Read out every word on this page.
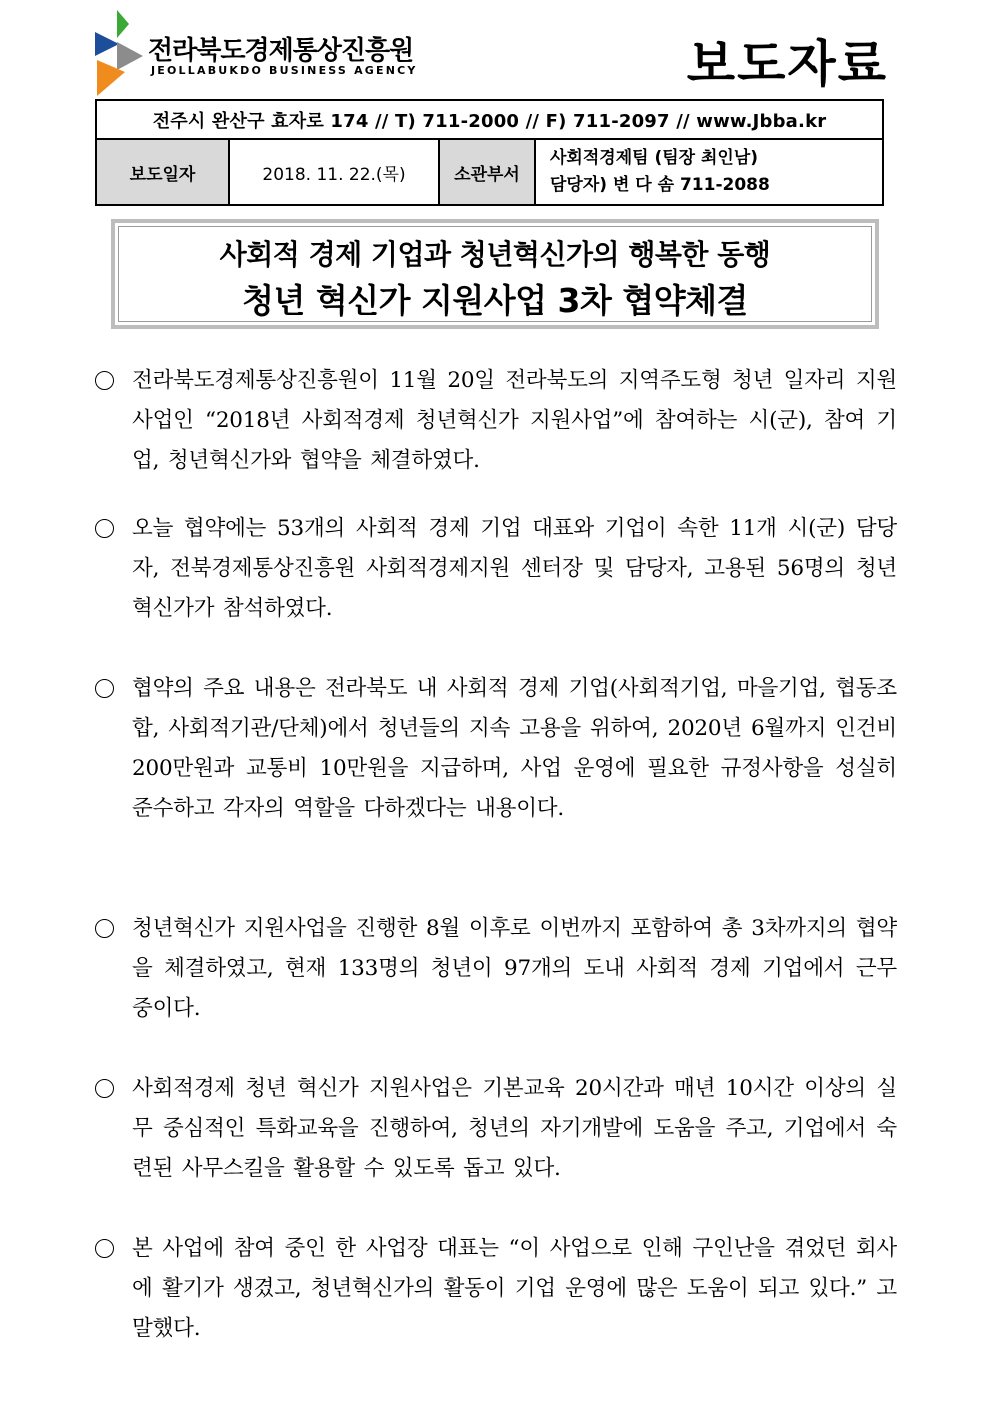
전라북도경제통상진흥원
JEOLLABUKDO BUSINESS AGENCY	보도자료
전주시 완산구 효자로 174 // T) 711-2000 // F) 711-2097 // www.Jbba.kr
보도일자	2018. 11. 22.(목)	소관부서	
사회적경제팀 (팀장 최인남)
담당자) 변 다 솜 711-2088
사회적 경제 기업과 청년혁신가의 행복한 동행
청년 혁신가 지원사업 3차 협약체결
전라북도경제통상진흥원이 11월 20일 전라북도의 지역주도형 청년 일자리 지원사업인 “2018년 사회적경제 청년혁신가 지원사업”에 참여하는 시(군), 참여 기업, 청년혁신가와 협약을 체결하였다.
오늘 협약에는 53개의 사회적 경제 기업 대표와 기업이 속한 11개 시(군) 담당자, 전북경제통상진흥원 사회적경제지원 센터장 및 담당자, 고용된 56명의 청년혁신가가 참석하였다.
협약의 주요 내용은 전라북도 내 사회적 경제 기업(사회적기업, 마을기업, 협동조합, 사회적기관/단체)에서 청년들의 지속 고용을 위하여, 2020년 6월까지 인건비 200만원과 교통비 10만원을 지급하며, 사업 운영에 필요한 규정사항을 성실히 준수하고 각자의 역할을 다하겠다는 내용이다.
청년혁신가 지원사업을 진행한 8월 이후로 이번까지 포함하여 총 3차까지의 협약을 체결하였고, 현재 133명의 청년이 97개의 도내 사회적 경제 기업에서 근무 중이다.
사회적경제 청년 혁신가 지원사업은 기본교육 20시간과 매년 10시간 이상의 실무 중심적인 특화교육을 진행하여, 청년의 자기개발에 도움을 주고, 기업에서 숙련된 사무스킬을 활용할 수 있도록 돕고 있다.
본 사업에 참여 중인 한 사업장 대표는 “이 사업으로 인해 구인난을 겪었던 회사에 활기가 생겼고, 청년혁신가의 활동이 기업 운영에 많은 도움이 되고 있다.” 고 말했다.
